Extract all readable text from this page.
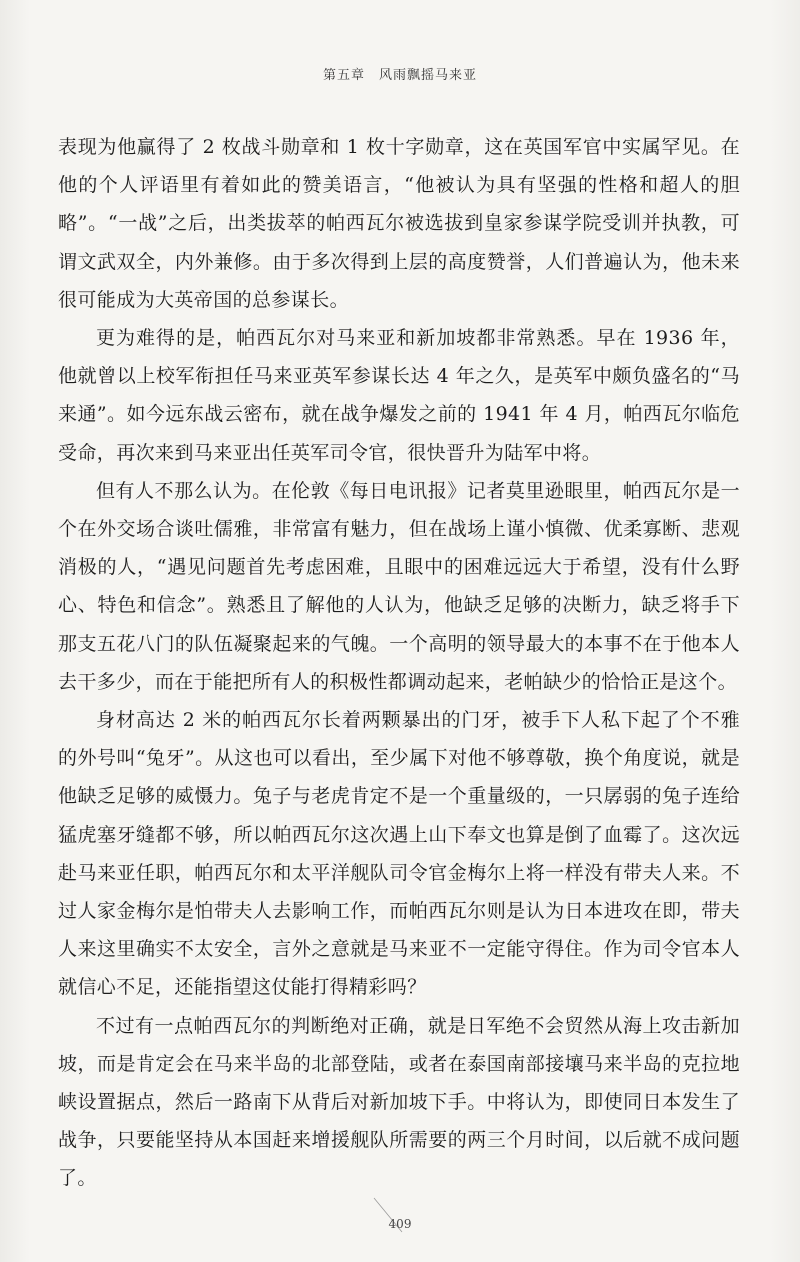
第五章 风雨飘摇马来亚

表现为他赢得了 2 枚战斗勋章和 1 枚十字勋章，这在英国军官中实属罕见。在他的个人评语里有着如此的赞美语言，“他被认为具有坚强的性格和超人的胆略”。“一战”之后，出类拔萃的帕西瓦尔被选拔到皇家参谋学院受训并执教，可谓文武双全，内外兼修。由于多次得到上层的高度赞誉，人们普遍认为，他未来很可能成为大英帝国的总参谋长。

更为难得的是，帕西瓦尔对马来亚和新加坡都非常熟悉。早在 1936 年，他就曾以上校军衔担任马来亚英军参谋长达 4 年之久，是英军中颇负盛名的“马来通”。如今远东战云密布，就在战争爆发之前的 1941 年 4 月，帕西瓦尔临危受命，再次来到马来亚出任英军司令官，很快晋升为陆军中将。

但有人不那么认为。在伦敦《每日电讯报》记者莫里逊眼里，帕西瓦尔是一个在外交场合谈吐儒雅，非常富有魅力，但在战场上谨小慎微、优柔寡断、悲观消极的人，“遇见问题首先考虑困难，且眼中的困难远远大于希望，没有什么野心、特色和信念”。熟悉且了解他的人认为，他缺乏足够的决断力，缺乏将手下那支五花八门的队伍凝聚起来的气魄。一个高明的领导最大的本事不在于他本人去干多少，而在于能把所有人的积极性都调动起来，老帕缺少的恰恰正是这个。

身材高达 2 米的帕西瓦尔长着两颗暴出的门牙，被手下人私下起了个不雅的外号叫“兔牙”。从这也可以看出，至少属下对他不够尊敬，换个角度说，就是他缺乏足够的威慑力。兔子与老虎肯定不是一个重量级的，一只孱弱的兔子连给猛虎塞牙缝都不够，所以帕西瓦尔这次遇上山下奉文也算是倒了血霉了。这次远赴马来亚任职，帕西瓦尔和太平洋舰队司令官金梅尔上将一样没有带夫人来。不过人家金梅尔是怕带夫人去影响工作，而帕西瓦尔则是认为日本进攻在即，带夫人来这里确实不太安全，言外之意就是马来亚不一定能守得住。作为司令官本人就信心不足，还能指望这仗能打得精彩吗？

不过有一点帕西瓦尔的判断绝对正确，就是日军绝不会贸然从海上攻击新加坡，而是肯定会在马来半岛的北部登陆，或者在泰国南部接壤马来半岛的克拉地峡设置据点，然后一路南下从背后对新加坡下手。中将认为，即使同日本发生了战争，只要能坚持从本国赶来增援舰队所需要的两三个月时间，以后就不成问题了。

409
